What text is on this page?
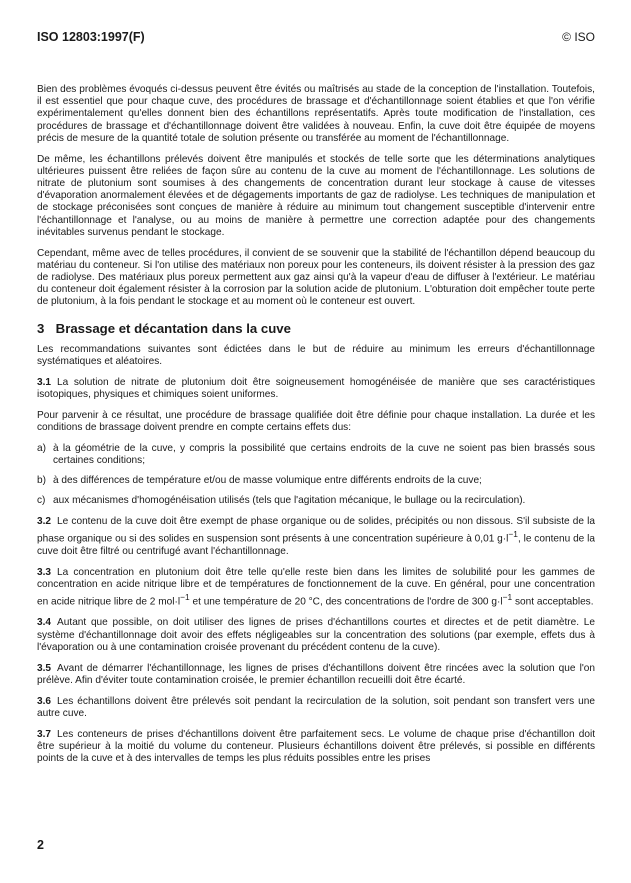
ISO 12803:1997(F)	© ISO

Bien des problèmes évoqués ci-dessus peuvent être évités ou maîtrisés au stade de la conception de l'installation. Toutefois, il est essentiel que pour chaque cuve, des procédures de brassage et d'échantillonnage soient établies et que l'on vérifie expérimentalement qu'elles donnent bien des échantillons représentatifs. Après toute modification de l'installation, ces procédures de brassage et d'échantillonnage doivent être validées à nouveau. Enfin, la cuve doit être équipée de moyens précis de mesure de la quantité totale de solution présente ou transférée au moment de l'échantillonnage.

De même, les échantillons prélevés doivent être manipulés et stockés de telle sorte que les déterminations analytiques ultérieures puissent être reliées de façon sûre au contenu de la cuve au moment de l'échantillonnage. Les solutions de nitrate de plutonium sont soumises à des changements de concentration durant leur stockage à cause de vitesses d'évaporation anormalement élevées et de dégagements importants de gaz de radiolyse. Les techniques de manipulation et de stockage préconisées sont conçues de manière à réduire au minimum tout changement susceptible d'intervenir entre l'échantillonnage et l'analyse, ou au moins de manière à permettre une correction adaptée pour des changements inévitables survenus pendant le stockage.

Cependant, même avec de telles procédures, il convient de se souvenir que la stabilité de l'échantillon dépend beaucoup du matériau du conteneur. Si l'on utilise des matériaux non poreux pour les conteneurs, ils doivent résister à la pression des gaz de radiolyse. Des matériaux plus poreux permettent aux gaz ainsi qu'à la vapeur d'eau de diffuser à l'extérieur. Le matériau du conteneur doit également résister à la corrosion par la solution acide de plutonium. L'obturation doit empêcher toute perte de plutonium, à la fois pendant le stockage et au moment où le conteneur est ouvert.

3 Brassage et décantation dans la cuve

Les recommandations suivantes sont édictées dans le but de réduire au minimum les erreurs d'échantillonnage systématiques et aléatoires.

3.1 La solution de nitrate de plutonium doit être soigneusement homogénéisée de manière que ses caractéristiques isotopiques, physiques et chimiques soient uniformes.

Pour parvenir à ce résultat, une procédure de brassage qualifiée doit être définie pour chaque installation. La durée et les conditions de brassage doivent prendre en compte certains effets dus:

a) à la géométrie de la cuve, y compris la possibilité que certains endroits de la cuve ne soient pas bien brassés sous certaines conditions;
b) à des différences de température et/ou de masse volumique entre différents endroits de la cuve;
c) aux mécanismes d'homogénéisation utilisés (tels que l'agitation mécanique, le bullage ou la recirculation).

3.2 Le contenu de la cuve doit être exempt de phase organique ou de solides, précipités ou non dissous. S'il subsiste de la phase organique ou si des solides en suspension sont présents à une concentration supérieure à 0,01 $g\cdot l^{-1}$, le contenu de la cuve doit être filtré ou centrifugé avant l'échantillonnage.

3.3 La concentration en plutonium doit être telle qu'elle reste bien dans les limites de solubilité pour les gammes de concentration en acide nitrique libre et de températures de fonctionnement de la cuve. En général, pour une concentration en acide nitrique libre de 2 $mol\cdot l^{-1}$ et une température de 20 °C, des concentrations de l'ordre de 300 $g\cdot l^{-1}$ sont acceptables.

3.4 Autant que possible, on doit utiliser des lignes de prises d'échantillons courtes et directes et de petit diamètre. Le système d'échantillonnage doit avoir des effets négligeables sur la concentration des solutions (par exemple, effets dus à l'évaporation ou à une contamination croisée provenant du précédent contenu de la cuve).

3.5 Avant de démarrer l'échantillonnage, les lignes de prises d'échantillons doivent être rincées avec la solution que l'on prélève. Afin d'éviter toute contamination croisée, le premier échantillon recueilli doit être écarté.

3.6 Les échantillons doivent être prélevés soit pendant la recirculation de la solution, soit pendant son transfert vers une autre cuve.

3.7 Les conteneurs de prises d'échantillons doivent être parfaitement secs. Le volume de chaque prise d'échantillon doit être supérieur à la moitié du volume du conteneur. Plusieurs échantillons doivent être prélevés, si possible en différents points de la cuve et à des intervalles de temps les plus réduits possibles entre les prises

2
